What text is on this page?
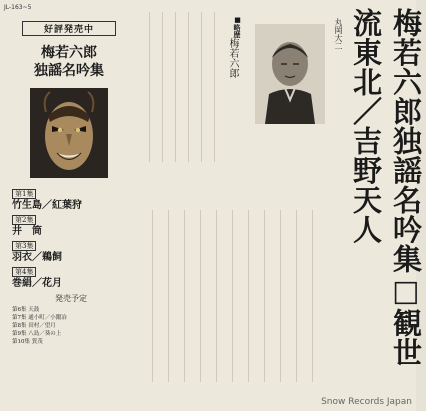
JL-163~5
好評発売中
梅若六郎
独謡名吟集
第1集
竹生島／紅葉狩
第2集
井　筒
第3集
羽衣／鵜飼
第4集
巻絹／花月
発売予定
第6集 天鼓
第7集 通小町／小鍛冶
第8集 田村／望月
第9集 八島／葵の上
第10集 賀茂
■略歴
梅若六郎
丸岡大二	梅若六郎独謡名吟集□観世流東北／吉野天人
Snow Records Japan
